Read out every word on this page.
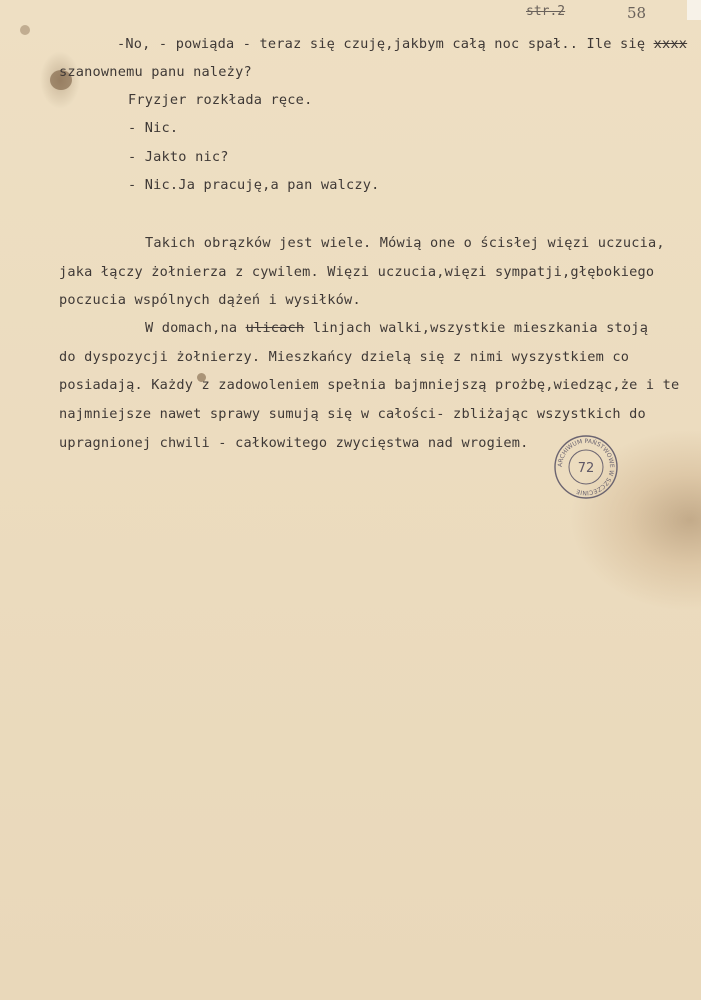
str.2	58
-No, - powiąda - teraz się czuję,jakbym całą noc spał.. Ile się xxxx
szanownemu panu należy?
Fryzjer rozkłada ręce.
- Nic.
- Jakto nic?
- Nic.Ja pracuję,a pan walczy.
Takich obrązków jest wiele. Mówią one o ścisłej więzi uczucia,
jaka łączy żołnierza z cywilem. Więzi uczucia,więzi sympatji,głębokiego
poczucia wspólnych dążeń i wysiłków.
W domach,na ulicach linjach walki,wszystkie mieszkania stoją
do dyspozycji żołnierzy. Mieszkańcy dzielą się z nimi wyszystkiem co
posiadają. Każdy z zadowoleniem spełnia bajmniejszą prożbę,wiedząc,że i te
najmniejsze nawet sprawy sumują się w całości- zbliżając wszystkich do
upragnionej chwili - całkowitego zwycięstwa nad wrogiem.
ARCHIWUM PAŃSTWOWE W SZCZECINIE
72
